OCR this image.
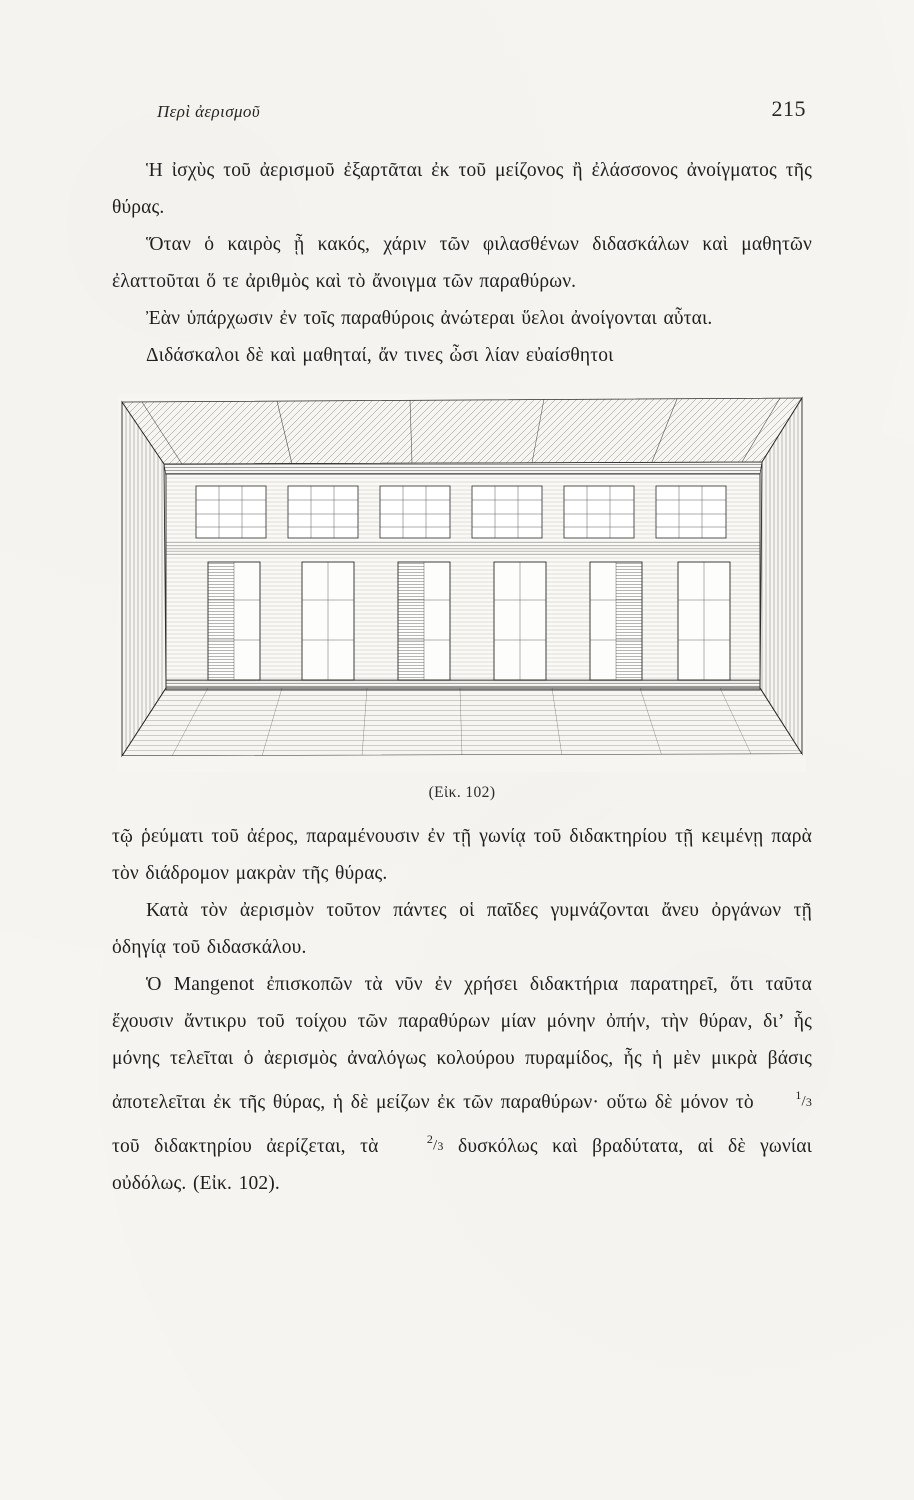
Περὶ ἀερισμοῦ	215

Ἡ ἰσχὺς τοῦ ἀερισμοῦ ἐξαρτᾶται ἐκ τοῦ μείζονος ἢ ἐλάσσονος ἀνοίγματος τῆς θύρας.

Ὅταν ὁ καιρὸς ᾖ κακός, χάριν τῶν φιλασθένων διδασκάλων καὶ μαθητῶν ἐλαττοῦται ὅ τε ἀριθμὸς καὶ τὸ ἄνοιγμα τῶν παραθύρων.

Ἐὰν ὑπάρχωσιν ἐν τοῖς παραθύροις ἀνώτεραι ὕελοι ἀνοίγονται αὗται.

Διδάσκαλοι δὲ καὶ μαθηταί, ἄν τινες ὦσι λίαν εὐαίσθητοι

(Εἰκ. 102)

τῷ ῥεύματι τοῦ ἀέρος, παραμένουσιν ἐν τῇ γωνίᾳ τοῦ διδακτηρίου τῇ κειμένῃ παρὰ τὸν διάδρομον μακρὰν τῆς θύρας.

Κατὰ τὸν ἀερισμὸν τοῦτον πάντες οἱ παῖδες γυμνάζονται ἄνευ ὀργάνων τῇ ὁδηγίᾳ τοῦ διδασκάλου.

Ὁ Mangenot ἐπισκοπῶν τὰ νῦν ἐν χρήσει διδακτήρια παρατηρεῖ, ὅτι ταῦτα ἔχουσιν ἄντικρυ τοῦ τοίχου τῶν παραθύρων μίαν μόνην ὀπήν, τὴν θύραν, δι’ ἧς μόνης τελεῖται ὁ ἀερισμὸς ἀναλόγως κολούρου πυραμίδος, ἧς ἡ μὲν μικρὰ βάσις ἀποτελεῖται ἐκ τῆς θύρας, ἡ δὲ μείζων ἐκ τῶν παραθύρων· οὕτω δὲ μόνον τὸ	$^1/_3$ τοῦ διδακτηρίου ἀερίζεται, τὰ	$^2/_3$ δυσκόλως καὶ βραδύτατα, αἱ δὲ γωνίαι οὐδόλως. (Εἰκ. 102).
